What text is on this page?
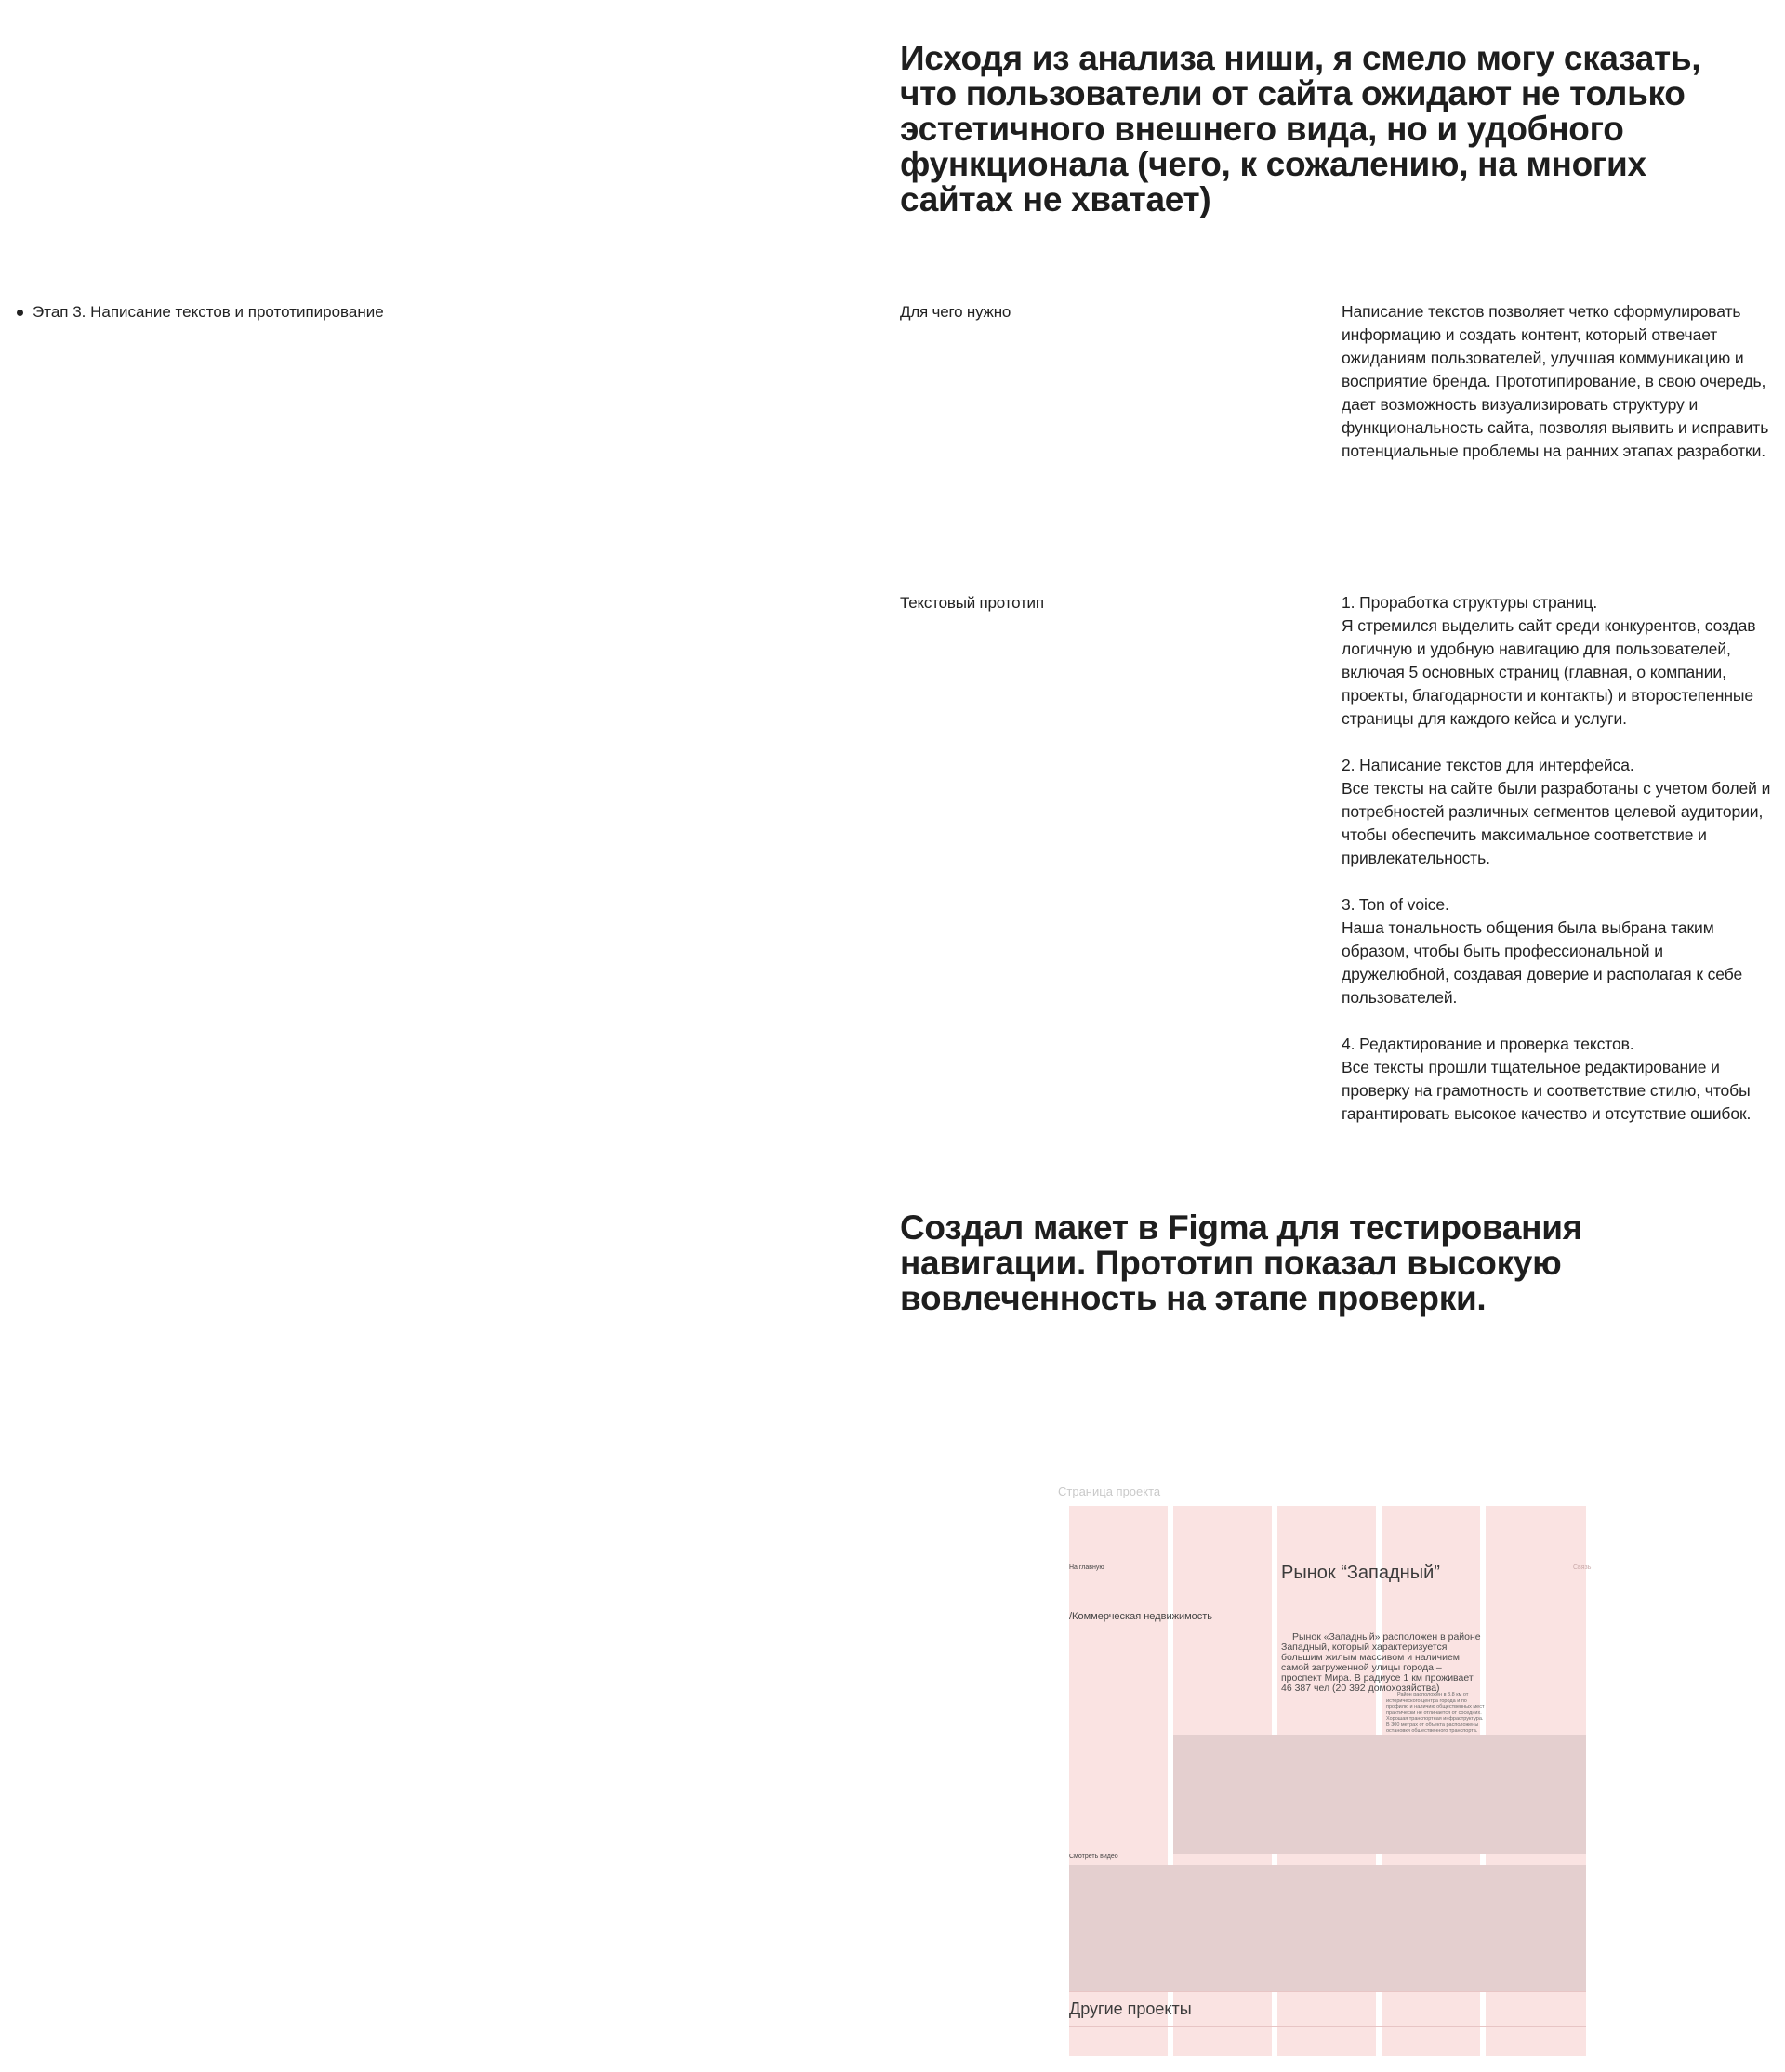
Исходя из анализа ниши, я смело могу сказать, что пользователи от сайта ожидают не только эстетичного внешнего вида, но и удобного функционала (чего, к сожалению, на многих сайтах не хватает)
Этап 3. Написание текстов и прототипирование	Для чего нужно	Написание текстов позволяет четко сформулировать информацию и создать контент, который отвечает ожиданиям пользователей, улучшая коммуникацию и восприятие бренда. Прототипирование, в свою очередь, дает возможность визуализировать структуру и функциональность сайта, позволяя выявить и исправить потенциальные проблемы на ранних этапах разработки.

Текстовый прототип	1. Проработка структуры страниц.
Я стремился выделить сайт среди конкурентов, создав логичную и удобную навигацию для пользователей, включая 5 основных страниц (главная, о компании, проекты, благодарности и контакты) и второстепенные страницы для каждого кейса и услуги.

2. Написание текстов для интерфейса.
Все тексты на сайте были разработаны с учетом болей и потребностей различных сегментов целевой аудитории, чтобы обеспечить максимальное соответствие и привлекательность.

3. Ton of voice.
Наша тональность общения была выбрана таким образом, чтобы быть профессиональной и дружелюбной, создавая доверие и располагая к себе пользователей.

4. Редактирование и проверка текстов.
Все тексты прошли тщательное редактирование и проверку на грамотность и соответствие стилю, чтобы гарантировать высокое качество и отсутствие ошибок.

Создал макет в Figma для тестирования навигации. Прототип показал высокую вовлеченность на этапе проверки.
Страница проекта
На главную	Связь
/Коммерческая недвижимость
Рынок “Западный”
Рынок «Западный» расположен в районе Западный, который характеризуется большим жилым массивом и наличием самой загруженной улицы города – проспект Мира. В радиусе 1 км проживает 46 387 чел (20 392 домохозяйства)
Район расположен в 3,8 км от исторического центра города и по профилю и наличию общественных мест практически не отличается от соседних. Хорошая транспортная инфраструктура. В 300 метрах от объекта расположены остановки общественного транспорта.
Смотреть видео
Другие проекты
